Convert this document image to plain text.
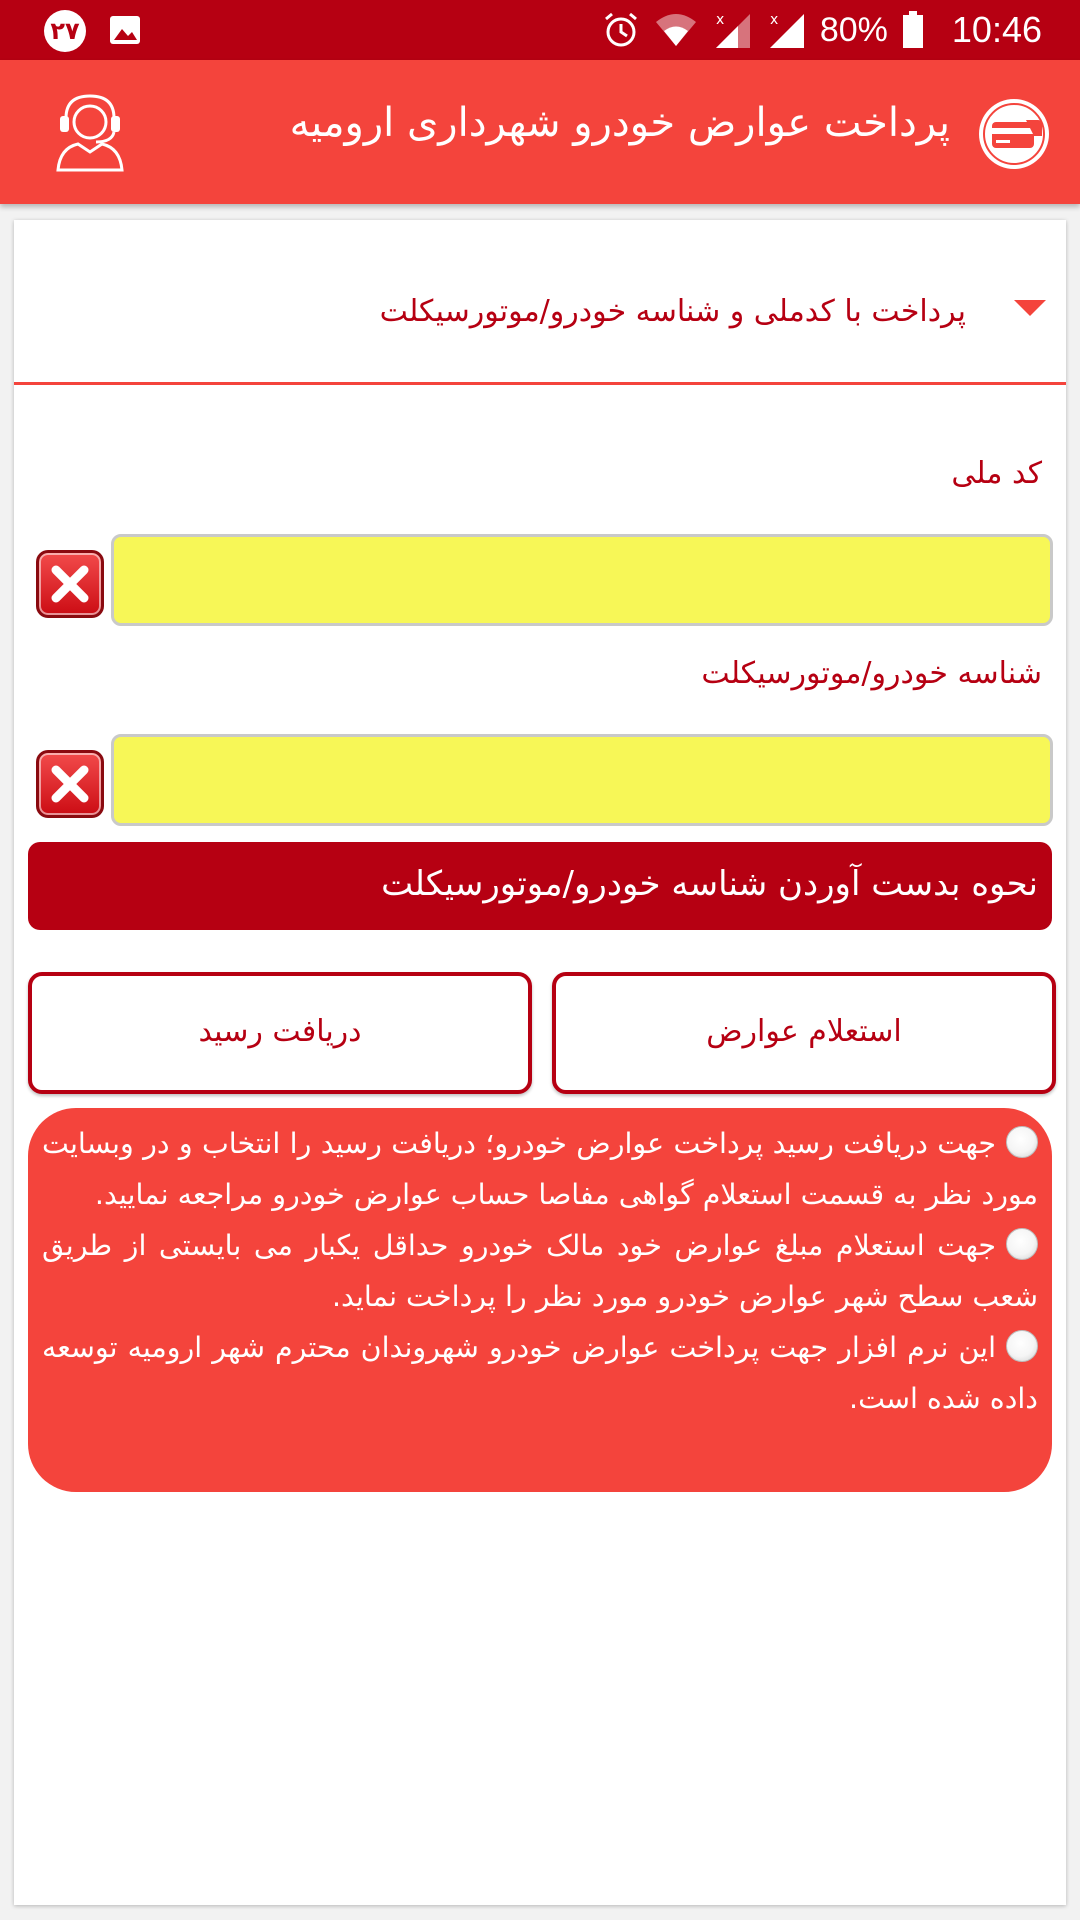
۲۷	x	x 80% 10:46
پرداخت عوارض خودرو شهرداری ارومیه
پرداخت با کدملی و شناسه خودرو/موتورسیکلت
کد ملی
شناسه خودرو/موتورسیکلت
نحوه بدست آوردن شناسه خودرو/موتورسیکلت
استعلام عوارض
دریافت رسید

جهت دریافت رسید پرداخت عوارض خودرو؛ دریافت رسید را انتخاب و در وبسایت مورد نظر به قسمت استعلام گواهی مفاصا حساب عوارض خودرو مراجعه نمایید.

جهت استعلام مبلغ عوارض خود مالک خودرو حداقل یکبار می بایستی از طریق شعب سطح شهر عوارض خودرو مورد نظر را پرداخت نماید.

این نرم افزار جهت پرداخت عوارض خودرو شهروندان محترم شهر ارومیه توسعه داده شده است.
